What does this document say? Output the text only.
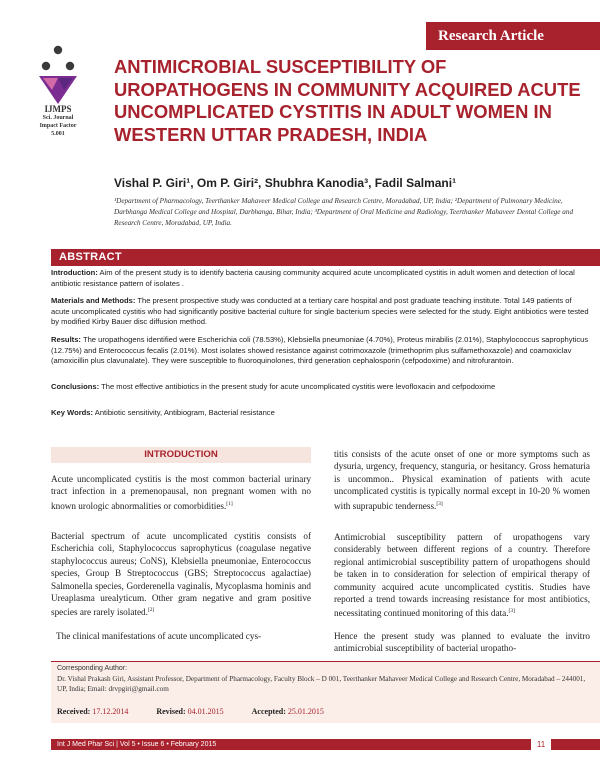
Research Article
IJMPS
Sci. Journal
Impact Factor
5.001
ANTIMICROBIAL SUSCEPTIBILITY OF UROPATHOGENS IN COMMUNITY ACQUIRED ACUTE UNCOMPLICATED CYSTITIS IN ADULT WOMEN IN WESTERN UTTAR PRADESH, INDIA
Vishal P. Giri¹, Om P. Giri², Shubhra Kanodia³, Fadil Salmani¹
¹Department of Pharmacology, Teerthanker Mahaveer Medical College and Research Centre, Moradabad, UP, India; ²Department of Pulmonary Medicine, Darbhanga Medical College and Hospital, Darbhanga, Bihar, India; ³Department of Oral Medicine and Radiology, Teerthanker Mahaveer Dental College and Research Centre, Moradabad, UP, India.
ABSTRACT
Introduction: Aim of the present study is to identify bacteria causing community acquired acute uncomplicated cystitis in adult women and detection of local antibiotic resistance pattern of isolates .
Materials and Methods: The present prospective study was conducted at a tertiary care hospital and post graduate teaching institute. Total 149 patients of acute uncomplicated cystitis who had significantly positive bacterial culture for single bacterium species were selected for the study. Eight antibiotics were tested by modified Kirby Bauer disc diffusion method.
Results: The uropathogens identified were Escherichia coli (78.53%), Klebsiella pneumoniae (4.70%), Proteus mirabilis (2.01%), Staphylococcus saprophyticus (12.75%) and Enterococcus fecalis (2.01%). Most isolates showed resistance against cotrimoxazole (trimethoprim plus sulfamethoxazole) and coamoxiclav (amoxicillin plus clavunalate). They were susceptible to fluoroquinolones, third generation cephalosporin (cefpodoxime) and nitrofurantoin.
Conclusions: The most effective antibiotics in the present study for acute uncomplicated cystitis were levofloxacin and cefpodoxime
Key Words: Antibiotic sensitivity, Antibiogram, Bacterial resistance
INTRODUCTION

Acute uncomplicated cystitis is the most common bacterial urinary tract infection in a premenopausal, non pregnant women with no known urologic abnormalities or comorbidities.[1]

Bacterial spectrum of acute uncomplicated cystitis consists of Escherichia coli, Staphylococcus saprophyticus (coagulase negative staphylococcus aureus; CoNS), Klebsiella pneumoniae, Enterococcus species, Group B Streptococcus (GBS; Streptococcus agalactiae) Salmonella species, Gorderenella vaginalis, Mycoplasma hominis and Ureaplasma urealyticum. Other gram negative and gram positive species are rarely isolated.[2]

The clinical manifestations of acute uncomplicated cys-

titis consists of the acute onset of one or more symptoms such as dysuria, urgency, frequency, stanguria, or hesitancy. Gross hematuria is uncommon.. Physical examination of patients with acute uncomplicated cystitis is typically normal except in 10-20 % women with suprapubic tenderness.[3]

Antimicrobial susceptibility pattern of uropathogens vary considerably between different regions of a country. Therefore regional antimicrobial susceptibility pattern of uropathogens should be taken in to consideration for selection of empirical therapy of community acquired acute uncomplicated cystitis. Studies have reported a trend towards increasing resistance for most antibiotics, necessitating continued monitoring of this data.[3]

Hence the present study was planned to evaluate the invitro antimicrobial susceptibility of bacterial uropatho-

Corresponding Author:
Dr. Vishal Prakash Giri, Assistant Professor, Department of Pharmacology, Faculty Block – D 001, Teerthanker Mahaveer Medical College and Research Centre, Moradabad – 244001, UP, India; Email: drvpgiri@gmail.com
Received: 17.12.2014	Revised: 04.01.2015	Accepted: 25.01.2015
Int J Med Phar Sci | Vol 5 • Issue 6 • February 2015	11
